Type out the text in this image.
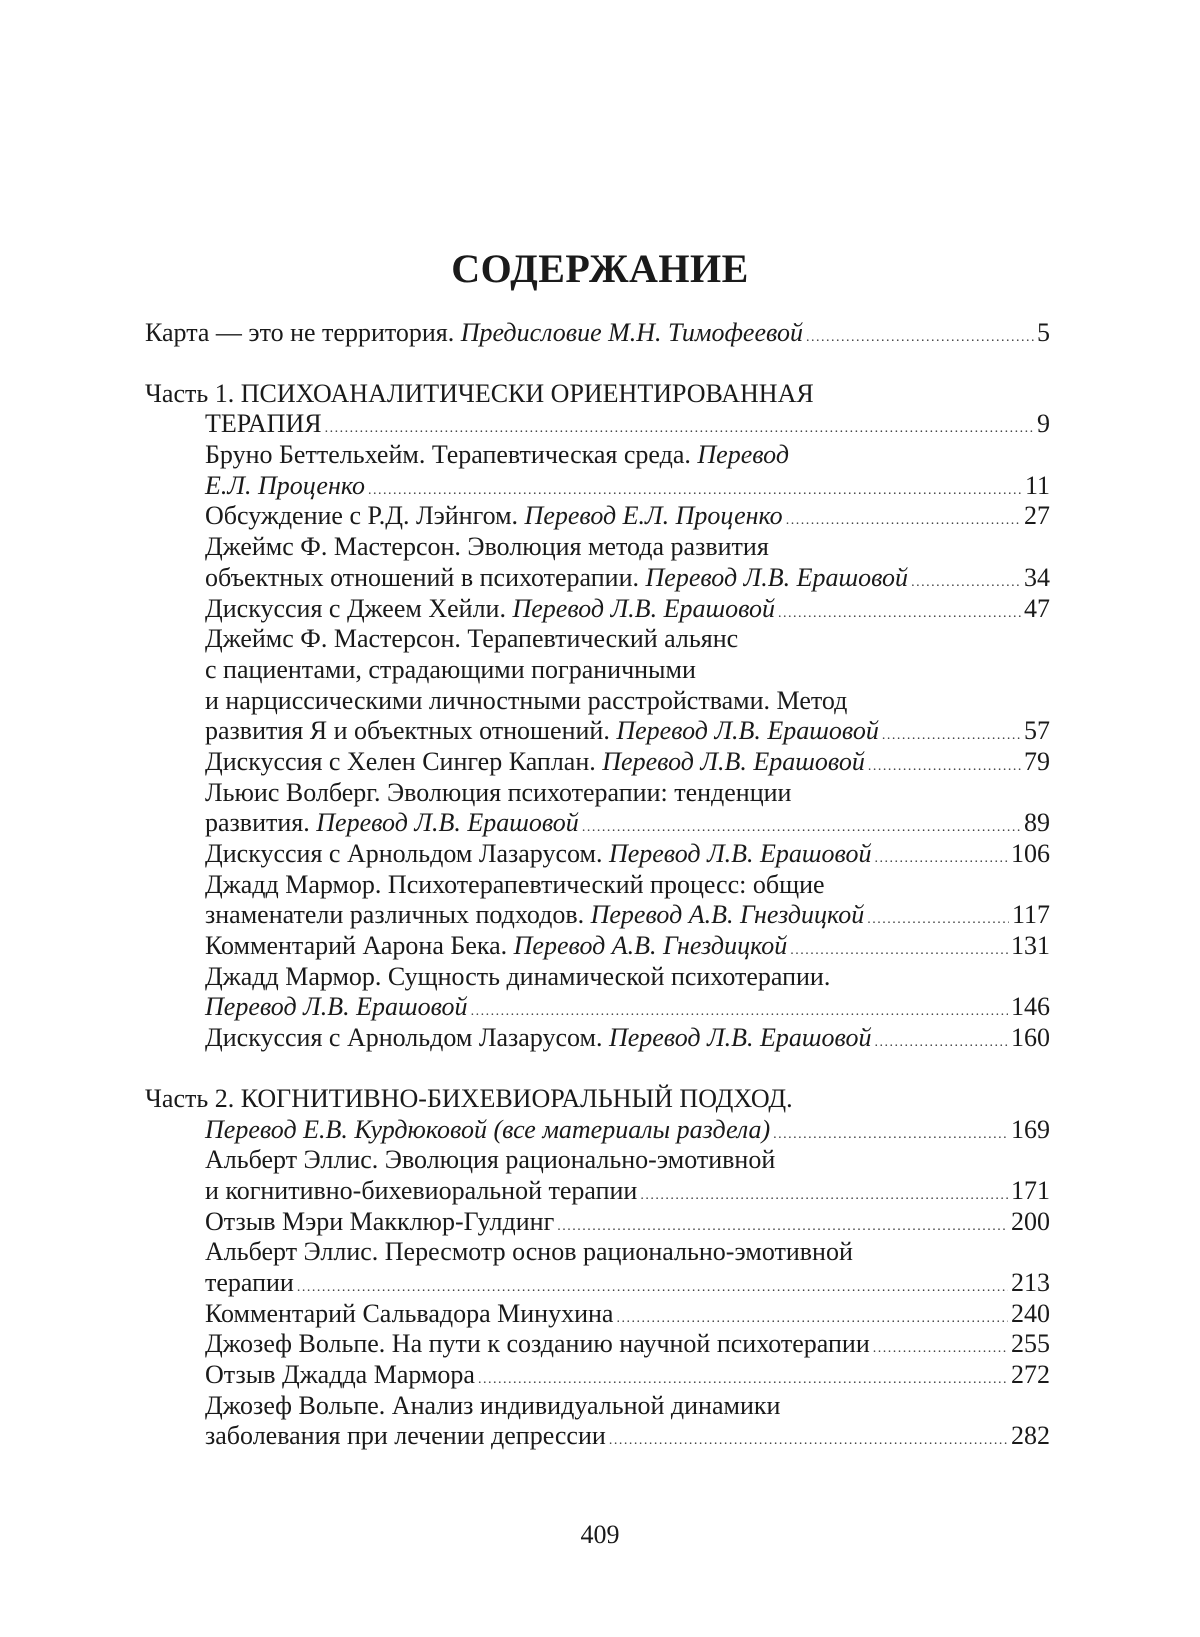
СОДЕРЖАНИЕ
Карта — это не территория. Предисловие М.Н. Тимофеевой . . .	5
Часть 1. ПСИХОАНАЛИТИЧЕСКИ ОРИЕНТИРОВАННАЯ
ТЕРАПИЯ . . .	9
Бруно Беттельхейм. Терапевтическая среда. Перевод
Е.Л. Проценко . . .	11
Обсуждение с Р.Д. Лэйнгом. Перевод Е.Л. Проценко . . .	27
Джеймс Ф. Мастерсон. Эволюция метода развития
объектных отношений в психотерапии. Перевод Л.В. Ерашовой . . .	34
Дискуссия с Джеем Хейли. Перевод Л.В. Ерашовой . . .	47
Джеймс Ф. Мастерсон. Терапевтический альянс
с пациентами, страдающими пограничными
и нарциссическими личностными расстройствами. Метод
развития Я и объектных отношений. Перевод Л.В. Ерашовой . . .	57
Дискуссия с Хелен Сингер Каплан. Перевод Л.В. Ерашовой . . .	79
Льюис Волберг. Эволюция психотерапии: тенденции
развития. Перевод Л.В. Ерашовой . . .	89
Дискуссия с Арнольдом Лазарусом. Перевод Л.В. Ерашовой . . .	106
Джадд Мармор. Психотерапевтический процесс: общие
знаменатели различных подходов. Перевод А.В. Гнездицкой . . .	117
Комментарий Аарона Бека. Перевод А.В. Гнездицкой . . .	131
Джадд Мармор. Сущность динамической психотерапии.
Перевод Л.В. Ерашовой . . .	146
Дискуссия с Арнольдом Лазарусом. Перевод Л.В. Ерашовой . . .	160
Часть 2. КОГНИТИВНО-БИХЕВИОРАЛЬНЫЙ ПОДХОД.
Перевод Е.В. Курдюковой (все материалы раздела) . . .	169
Альберт Эллис. Эволюция рационально-эмотивной
и когнитивно-бихевиоральной терапии . . .	171
Отзыв Мэри Макклюр-Гулдинг . . .	200
Альберт Эллис. Пересмотр основ рационально-эмотивной
терапии . . .	213
Комментарий Сальвадора Минухина . . .	240
Джозеф Вольпе. На пути к созданию научной психотерапии . . .	255
Отзыв Джадда Мармора . . .	272
Джозеф Вольпе. Анализ индивидуальной динамики
заболевания при лечении депрессии . . .	282
409
